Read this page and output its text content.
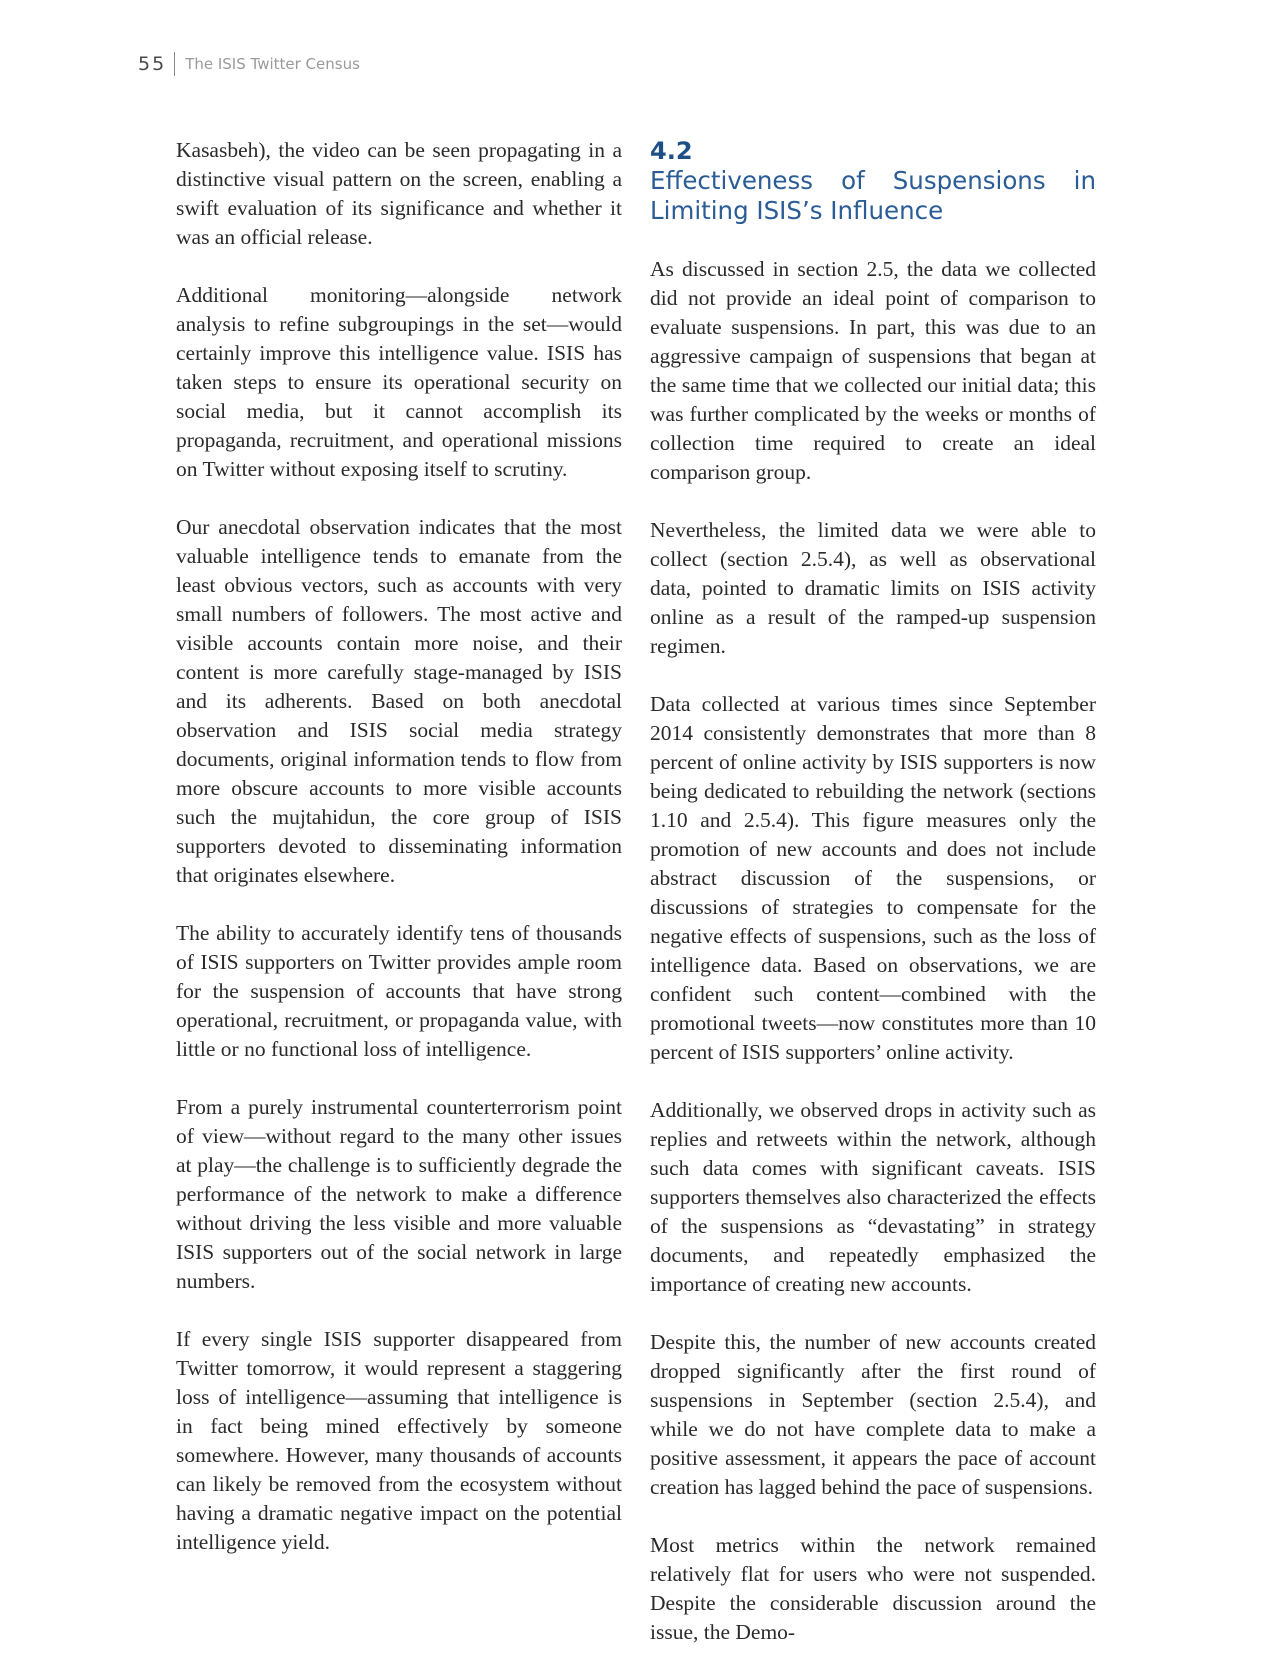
55 The ISIS Twitter Census

Kasasbeh), the video can be seen propagating in a distinctive visual pattern on the screen, enabling a swift evaluation of its significance and whether it was an official release.

Additional monitoring—alongside network analysis to refine subgroupings in the set—would certainly improve this intelligence value. ISIS has taken steps to ensure its operational security on social media, but it cannot accomplish its propaganda, recruitment, and operational missions on Twitter without exposing itself to scrutiny.

Our anecdotal observation indicates that the most valuable intelligence tends to emanate from the least obvious vectors, such as accounts with very small numbers of followers. The most active and visible accounts contain more noise, and their content is more carefully stage-managed by ISIS and its adherents. Based on both anecdotal observation and ISIS social media strategy documents, original information tends to flow from more obscure accounts to more visible accounts such the mujtahidun, the core group of ISIS supporters devoted to disseminating information that originates elsewhere.

The ability to accurately identify tens of thousands of ISIS supporters on Twitter provides ample room for the suspension of accounts that have strong operational, recruitment, or propaganda value, with little or no functional loss of intelligence.

From a purely instrumental counterterrorism point of view—without regard to the many other issues at play—the challenge is to sufficiently degrade the performance of the network to make a difference without driving the less visible and more valuable ISIS supporters out of the social network in large numbers.

If every single ISIS supporter disappeared from Twitter tomorrow, it would represent a staggering loss of intelligence—assuming that intelligence is in fact being mined effectively by someone somewhere. However, many thousands of accounts can likely be removed from the ecosystem without having a dramatic negative impact on the potential intelligence yield.

4.2
Effectiveness of Suspensions in Limiting ISIS’s Influence

As discussed in section 2.5, the data we collected did not provide an ideal point of comparison to evaluate suspensions. In part, this was due to an aggressive campaign of suspensions that began at the same time that we collected our initial data; this was further complicated by the weeks or months of collection time required to create an ideal comparison group.

Nevertheless, the limited data we were able to collect (section 2.5.4), as well as observational data, pointed to dramatic limits on ISIS activity online as a result of the ramped-up suspension regimen.

Data collected at various times since September 2014 consistently demonstrates that more than 8 percent of online activity by ISIS supporters is now being dedicated to rebuilding the network (sections 1.10 and 2.5.4). This figure measures only the promotion of new accounts and does not include abstract discussion of the suspensions, or discussions of strategies to compensate for the negative effects of suspensions, such as the loss of intelligence data. Based on observations, we are confident such content—combined with the promotional tweets—now constitutes more than 10 percent of ISIS supporters’ online activity.

Additionally, we observed drops in activity such as replies and retweets within the network, although such data comes with significant caveats. ISIS supporters themselves also characterized the effects of the suspensions as “devastating” in strategy documents, and repeatedly emphasized the importance of creating new accounts.

Despite this, the number of new accounts created dropped significantly after the first round of suspensions in September (section 2.5.4), and while we do not have complete data to make a positive assessment, it appears the pace of account creation has lagged behind the pace of suspensions.

Most metrics within the network remained relatively flat for users who were not suspended. Despite the considerable discussion around the issue, the Demo-
